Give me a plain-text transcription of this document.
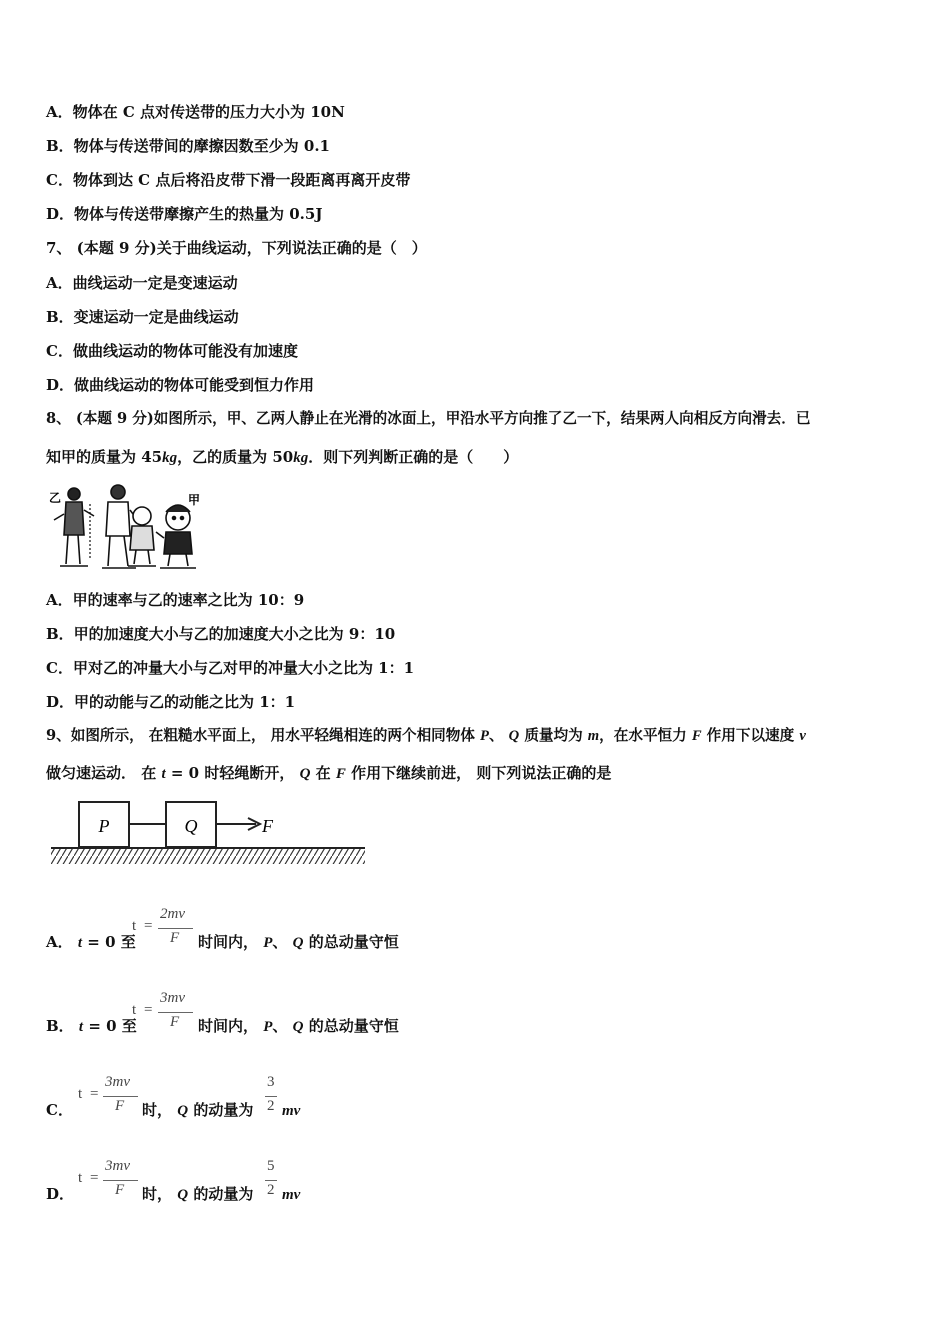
A．物体在 C 点对传送带的压力大小为 10N
B．物体与传送带间的摩擦因数至少为 0.1
C．物体到达 C 点后将沿皮带下滑一段距离再离开皮带
D．物体与传送带摩擦产生的热量为 0.5J
7、 (本题 9 分)关于曲线运动，下列说法正确的是（　）
A．曲线运动一定是变速运动
B．变速运动一定是曲线运动
C．做曲线运动的物体可能没有加速度
D．做曲线运动的物体可能受到恒力作用
8、 (本题 9 分)如图所示，甲、乙两人静止在光滑的冰面上，甲沿水平方向推了乙一下，结果两人向相反方向滑去．已
知甲的质量为 45kg，乙的质量为 50kg．则下列判断正确的是（　　）
乙	甲
A．甲的速率与乙的速率之比为 10：9
B．甲的加速度大小与乙的加速度大小之比为 9：10
C．甲对乙的冲量大小与乙对甲的冲量大小之比为 1：1
D．甲的动能与乙的动能之比为 1：1
9、如图所示， 在粗糙水平面上， 用水平轻绳相连的两个相同物体 P、 Q 质量均为 m，在水平恒力 F 作用下以速度 v
做匀速运动． 在 t = 0 时轻绳断开， Q 在 F 作用下继续前进， 则下列说法正确的是
P	Q	F
A． t = 0 至
t =
2mv
F 时间内， P、 Q 的总动量守恒
B． t = 0 至
t =
3mv
F 时间内， P、 Q 的总动量守恒
C．
t =
3mv
F 时， Q 的动量为
3
2 mv
D．
t =
3mv
F 时， Q 的动量为
5
2 mv
